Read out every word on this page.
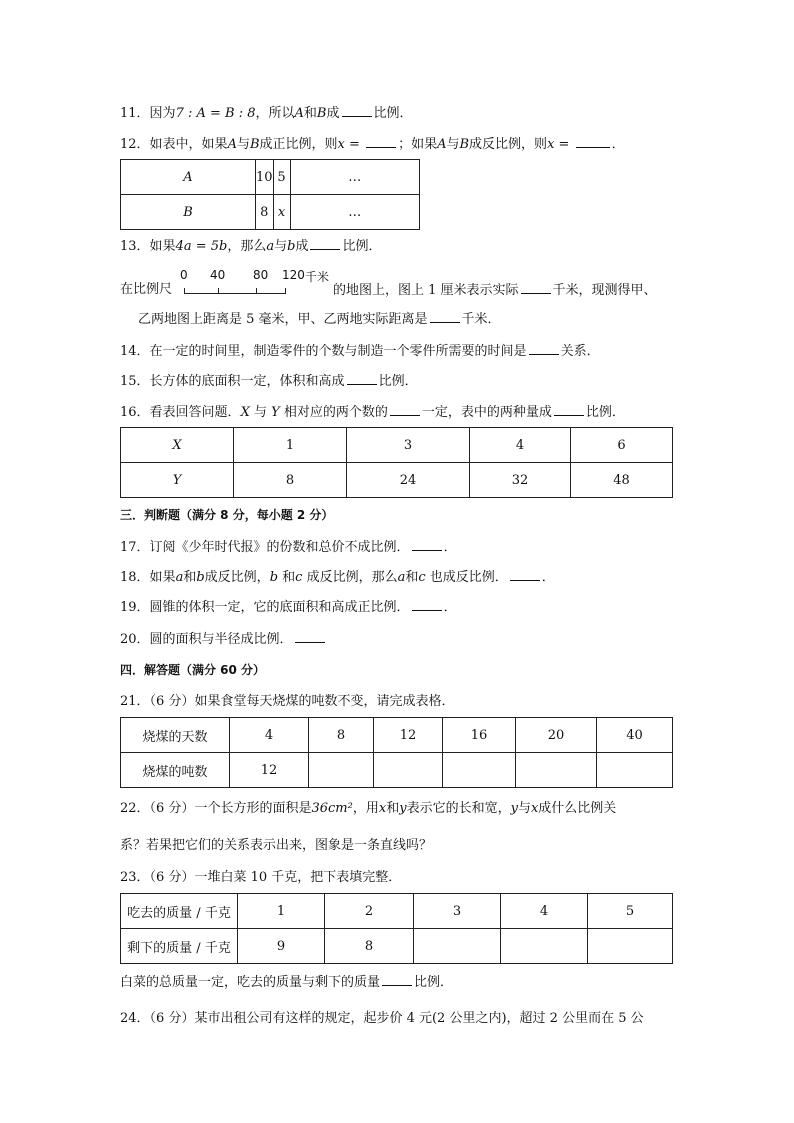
11．因为7 : A = B : 8，所以A和B成	比例．
12．如表中，如果A与B成正比例，则x =	；如果A与B成反比例，则x =	．
A	10	5	…
B	8	x	…
13．如果4a = 5b，那么a与b成	比例．
在比例尺
0 40 80 120 千米
的地图上，图上 1 厘米表示实际	千米，现测得甲、
乙两地图上距离是 5 毫米，甲、乙两地实际距离是	千米．
14．在一定的时间里，制造零件的个数与制造一个零件所需要的时间是	关系．
15．长方体的底面积一定，体积和高成	比例．
16．看表回答问题．X 与 Y 相对应的两个数的	一定，表中的两种量成	比例．
X	1	3	4	6
Y	8	24	32	48
三．判断题（满分 8 分，每小题 2 分）
17．订阅《少年时代报》的份数和总价不成比例．	．
18．如果a和b成反比例，b 和c 成反比例，那么a和c 也成反比例．	．
19．圆锥的体积一定，它的底面积和高成正比例．	．
20．圆的面积与半径成比例．
四．解答题（满分 60 分）
21．（6 分）如果食堂每天烧煤的吨数不变，请完成表格．
烧煤的天数	4	8	12	16	20	40
烧煤的吨数	12					
22．（6 分）一个长方形的面积是36cm²，用x和y表示它的长和宽，y与x成什么比例关
系？若果把它们的关系表示出来，图象是一条直线吗？
23．（6 分）一堆白菜 10 千克，把下表填完整．
吃去的质量 / 千克	1	2	3	4	5
剩下的质量 / 千克	9	8			
白菜的总质量一定，吃去的质量与剩下的质量	比例．
24．（6 分）某市出租公司有这样的规定，起步价 4 元(2 公里之内)，超过 2 公里而在 5 公
